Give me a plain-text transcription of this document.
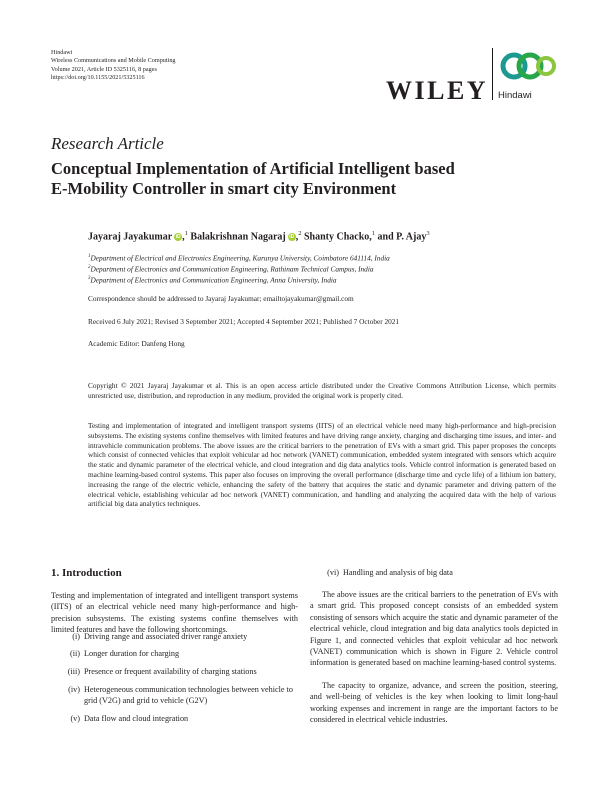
Hindawi
Wireless Communications and Mobile Computing
Volume 2021, Article ID 5325116, 8 pages
https://doi.org/10.1155/2021/5325116	WILEY Hindawi
Research Article
Conceptual Implementation of Artificial Intelligent based
E-Mobility Controller in smart city Environment
Jayaraj Jayakumar iD ,$^1$ Balakrishnan Nagaraj iD ,$^2$ Shanty Chacko,$^1$ and P. Ajay$^3$
$^1$Department of Electrical and Electronics Engineering, Karunya University, Coimbatore 641114, India
$^2$Department of Electronics and Communication Engineering, Rathinam Technical Campus, India
$^3$Department of Electronics and Communication Engineering, Anna University, India
Correspondence should be addressed to Jayaraj Jayakumar; emailtojayakumar@gmail.com
Received 6 July 2021; Revised 3 September 2021; Accepted 4 September 2021; Published 7 October 2021
Academic Editor: Danfeng Hong
Copyright © 2021 Jayaraj Jayakumar et al. This is an open access article distributed under the Creative Commons Attribution License, which permits unrestricted use, distribution, and reproduction in any medium, provided the original work is properly cited.
Testing and implementation of integrated and intelligent transport systems (IITS) of an electrical vehicle need many high-performance and high-precision subsystems. The existing systems confine themselves with limited features and have driving range anxiety, charging and discharging time issues, and inter- and intravehicle communication problems. The above issues are the critical barriers to the penetration of EVs with a smart grid. This paper proposes the concepts which consist of connected vehicles that exploit vehicular ad hoc network (VANET) communication, embedded system integrated with sensors which acquire the static and dynamic parameter of the electrical vehicle, and cloud integration and dig data analytics tools. Vehicle control information is generated based on machine learning-based control systems. This paper also focuses on improving the overall performance (discharge time and cycle life) of a lithium ion battery, increasing the range of the electric vehicle, enhancing the safety of the battery that acquires the static and dynamic parameter and driving pattern of the electrical vehicle, establishing vehicular ad hoc network (VANET) communication, and handling and analyzing the acquired data with the help of various artificial big data analytics techniques.
1. Introduction
Testing and implementation of integrated and intelligent transport systems (IITS) of an electrical vehicle need many high-performance and high-precision subsystems. The existing systems confine themselves with limited features and have the following shortcomings.
(i) Driving range and associated driver range anxiety
(ii) Longer duration for charging
(iii) Presence or frequent availability of charging stations
(iv) Heterogeneous communication technologies between vehicle to grid (V2G) and grid to vehicle (G2V)
(v) Data flow and cloud integration
(vi) Handling and analysis of big data
The above issues are the critical barriers to the penetration of EVs with a smart grid. This proposed concept consists of an embedded system consisting of sensors which acquire the static and dynamic parameter of the electrical vehicle, cloud integration and big data analytics tools depicted in Figure 1, and connected vehicles that exploit vehicular ad hoc network (VANET) communication which is shown in Figure 2. Vehicle control information is generated based on machine learning-based control systems.
The capacity to organize, advance, and screen the position, steering, and well-being of vehicles is the key when looking to limit long-haul working expenses and increment in range are the important factors to be considered in electrical vehicle industries.
